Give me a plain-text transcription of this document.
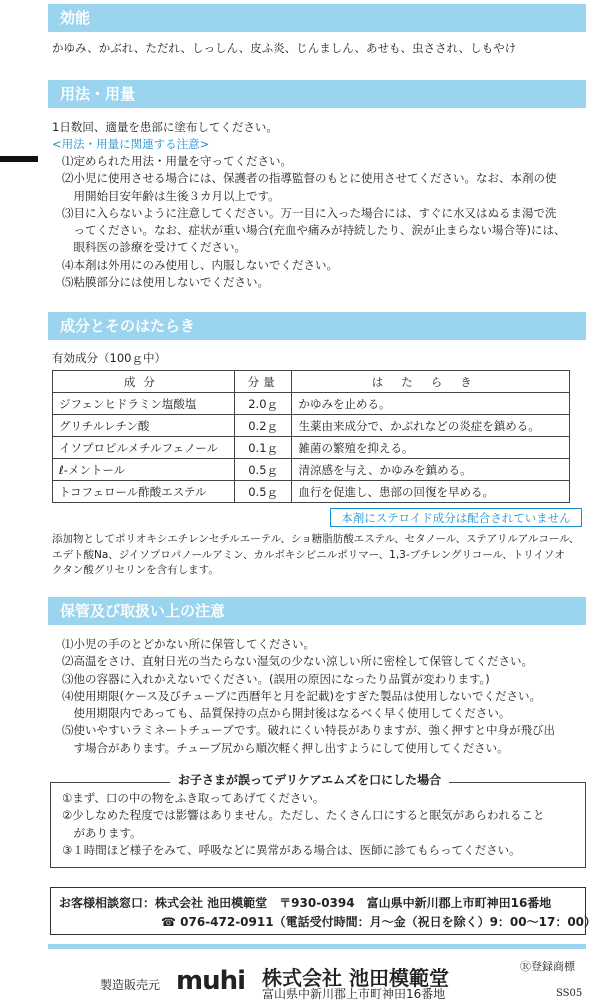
効能
かゆみ、かぶれ、ただれ、しっしん、皮ふ炎、じんましん、あせも、虫さされ、しもやけ
用法・用量
1日数回、適量を患部に塗布してください。
<用法・用量に関連する注意>
⑴定められた用法・用量を守ってください。
⑵小児に使用させる場合には、保護者の指導監督のもとに使用させてください。なお、本剤の使
　用開始目安年齢は生後３カ月以上です。
⑶目に入らないように注意してください。万一目に入った場合には、すぐに水又はぬるま湯で洗
　ってください。なお、症状が重い場合(充血や痛みが持続したり、涙が止まらない場合等)には、
　眼科医の診療を受けてください。
⑷本剤は外用にのみ使用し、内服しないでください。
⑸粘膜部分には使用しないでください。
成分とそのはたらき
有効成分（100ｇ中）
成分	分量	はたらき
ジフェンヒドラミン塩酸塩	2.0ｇ	かゆみを止める。
グリチルレチン酸	0.2ｇ	生薬由来成分で、かぶれなどの炎症を鎮める。
イソプロピルメチルフェノール	0.1ｇ	雑菌の繁殖を抑える。
ℓ-メントール	0.5ｇ	清涼感を与え、かゆみを鎮める。
トコフェロール酢酸エステル	0.5ｇ	血行を促進し、患部の回復を早める。
本剤にステロイド成分は配合されていません
添加物としてポリオキシエチレンセチルエーテル、ショ糖脂肪酸エステル、セタノール、ステアリルアルコール、
エデト酸Na、ジイソプロパノールアミン、カルボキシビニルポリマー、1,3-ブチレングリコール、トリイソオ
クタン酸グリセリンを含有します。
保管及び取扱い上の注意
⑴小児の手のとどかない所に保管してください。
⑵高温をさけ、直射日光の当たらない湿気の少ない涼しい所に密栓して保管してください。
⑶他の容器に入れかえないでください。(誤用の原因になったり品質が変わります。)
⑷使用期限(ケース及びチューブに西暦年と月を記載)をすぎた製品は使用しないでください。
　使用期限内であっても、品質保持の点から開封後はなるべく早く使用してください。
⑸使いやすいラミネートチューブです。破れにくい特長がありますが、強く押すと中身が飛び出
　す場合があります。チューブ尻から順次軽く押し出すようにして使用してください。
お子さまが誤ってデリケアエムズを口にした場合
①まず、口の中の物をふき取ってあげてください。
②少しなめた程度では影響はありません。ただし、たくさん口にすると眠気があらわれること
　があります。
③１時間ほど様子をみて、呼吸などに異常がある場合は、医師に診てもらってください。
お客様相談窓口：株式会社 池田模範堂　〒930-0394　富山県中新川郡上市町神田16番地
☎ 076-472-0911（電話受付時間：月～金（祝日を除く）9：00～17：00）
製造販売元 muhi 株式会社 池田模範堂
富山県中新川郡上市町神田16番地
Ⓡ登録商標
SS05
